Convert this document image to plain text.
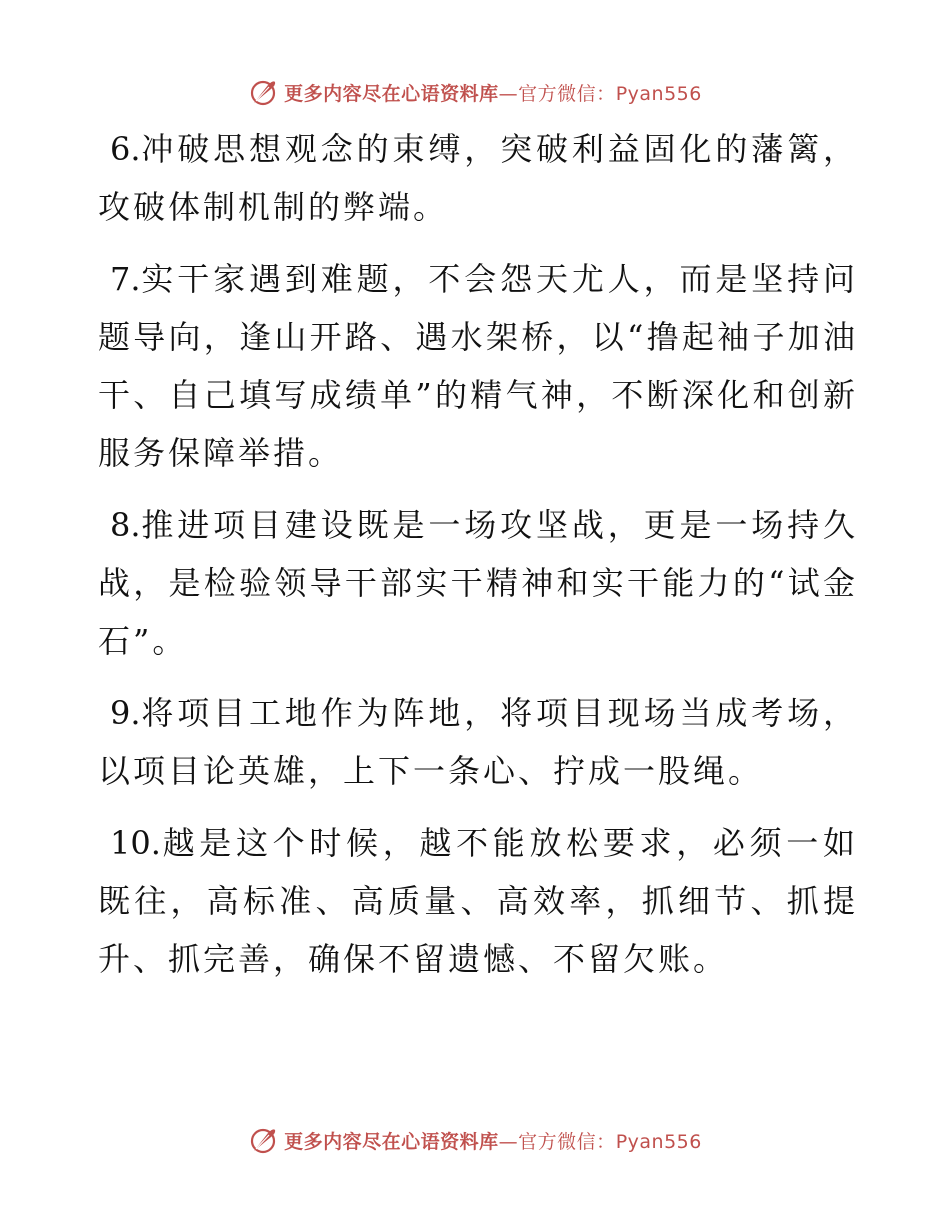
更多内容尽在心语资料库—官方微信：Pyan556

6.冲破思想观念的束缚，突破利益固化的藩篱，攻破体制机制的弊端。

7.实干家遇到难题，不会怨天尤人，而是坚持问题导向，逢山开路、遇水架桥，以“撸起袖子加油干、自己填写成绩单”的精气神，不断深化和创新服务保障举措。

8.推进项目建设既是一场攻坚战，更是一场持久战，是检验领导干部实干精神和实干能力的“试金石”。

9.将项目工地作为阵地，将项目现场当成考场，以项目论英雄，上下一条心、拧成一股绳。

10.越是这个时候，越不能放松要求，必须一如既往，高标准、高质量、高效率，抓细节、抓提升、抓完善，确保不留遗憾、不留欠账。

更多内容尽在心语资料库—官方微信：Pyan556
